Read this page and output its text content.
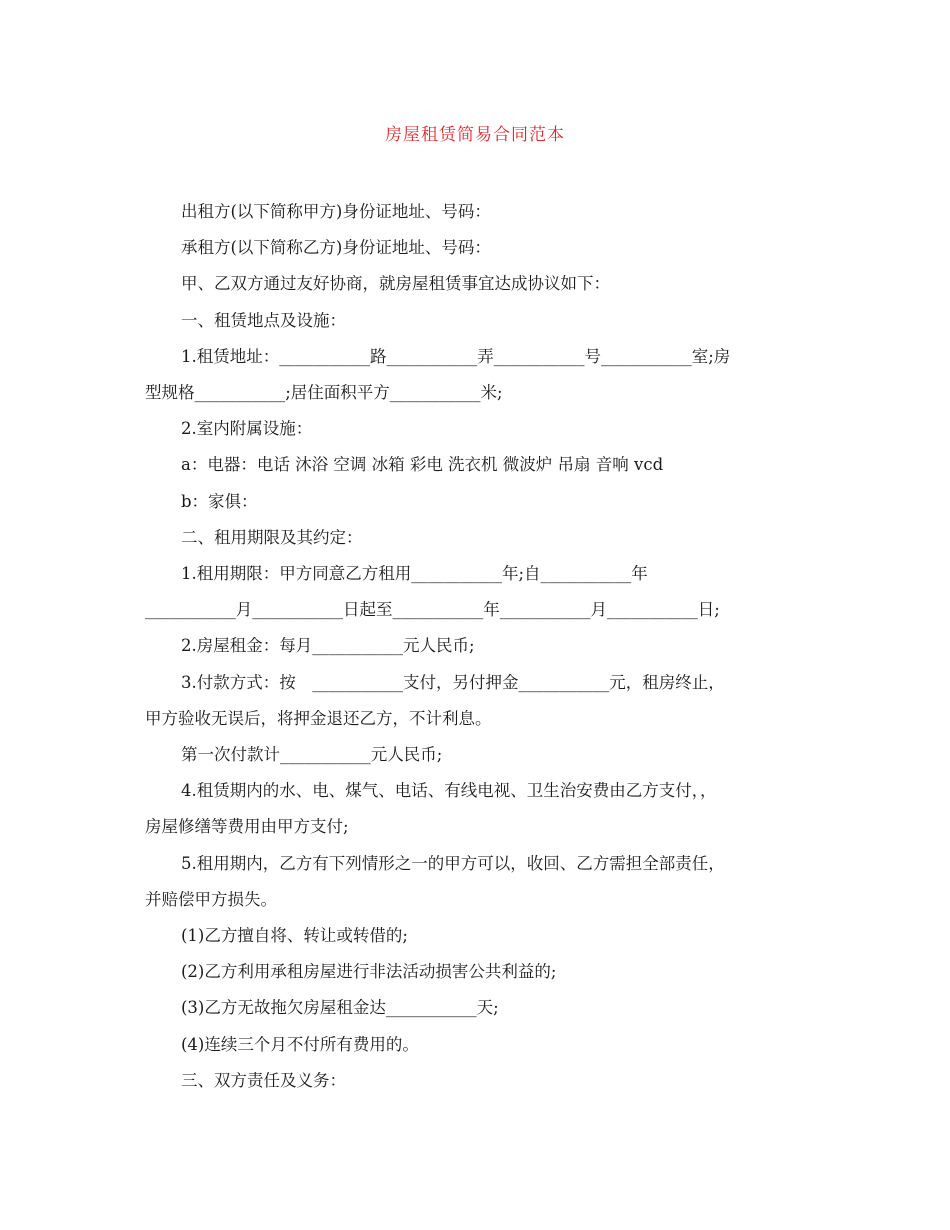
房屋租赁简易合同范本

出租方(以下简称甲方)身份证地址、号码：

承租方(以下简称乙方)身份证地址、号码：

甲、乙双方通过友好协商，就房屋租赁事宜达成协议如下：

一、租赁地点及设施：

1.租赁地址：___________路___________弄___________号___________室;房

型规格___________;居住面积平方___________米;

2.室内附属设施：

a：电器：电话 沐浴 空调 冰箱 彩电 洗衣机 微波炉 吊扇 音响 vcd

b：家俱：

二、租用期限及其约定：

1.租用期限：甲方同意乙方租用___________年;自___________年

___________月___________日起至___________年___________月___________日;

2.房屋租金：每月___________元人民币;

3.付款方式：按　___________支付，另付押金___________元，租房终止，

甲方验收无误后，将押金退还乙方，不计利息。

第一次付款计___________元人民币;

4.租赁期内的水、电、煤气、电话、有线电视、卫生治安费由乙方支付，，

房屋修缮等费用由甲方支付;

5.租用期内，乙方有下列情形之一的甲方可以，收回、乙方需担全部责任，

并赔偿甲方损失。

(1)乙方擅自将、转让或转借的;

(2)乙方利用承租房屋进行非法活动损害公共利益的;

(3)乙方无故拖欠房屋租金达___________天;

(4)连续三个月不付所有费用的。

三、双方责任及义务：
